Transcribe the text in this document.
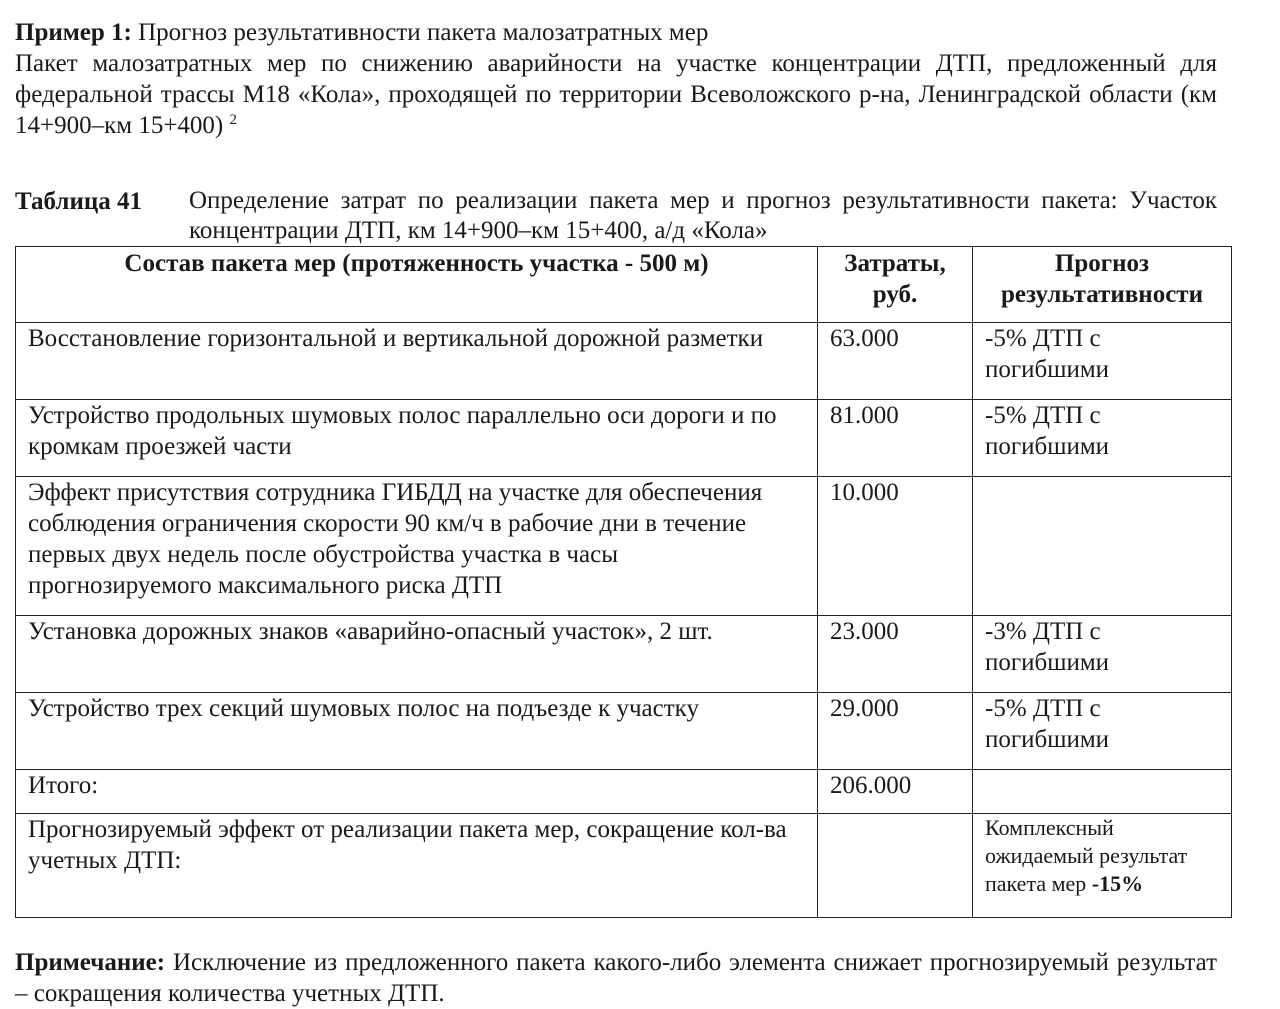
Пример 1: Прогноз результативности пакета малозатратных мер
Пакет малозатратных мер по снижению аварийности на участке концентрации ДТП, предложенный для федеральной трассы М18 «Кола», проходящей по территории Всеволожского р-на, Ленинградской области (км 14+900–км 15+400) $^2$
Таблица 41	Определение затрат по реализации пакета мер и прогноз результативности пакета: Участок концентрации ДТП, км 14+900–км 15+400, а/д «Кола»
Состав пакета мер (протяженность участка - 500 м)	Затраты, руб.	Прогноз результативности
Восстановление горизонтальной и вертикальной дорожной разметки	63.000	-5% ДТП с погибшими
Устройство продольных шумовых полос параллельно оси дороги и по кромкам проезжей части	81.000	-5% ДТП с погибшими
Эффект присутствия сотрудника ГИБДД на участке для обеспечения соблюдения ограничения скорости 90 км/ч в рабочие дни в течение первых двух недель после обустройства участка в часы прогнозируемого максимального риска ДТП	10.000	
Установка дорожных знаков «аварийно-опасный участок», 2 шт.	23.000	-3% ДТП с погибшими
Устройство трех секций шумовых полос на подъезде к участку	29.000	-5% ДТП с погибшими
Итого:	206.000	
Прогнозируемый эффект от реализации пакета мер, сокращение кол-ва учетных ДТП:		Комплексный ожидаемый результат пакета мер -15%
Примечание: Исключение из предложенного пакета какого-либо элемента снижает прогнозируемый результат – сокращения количества учетных ДТП.
